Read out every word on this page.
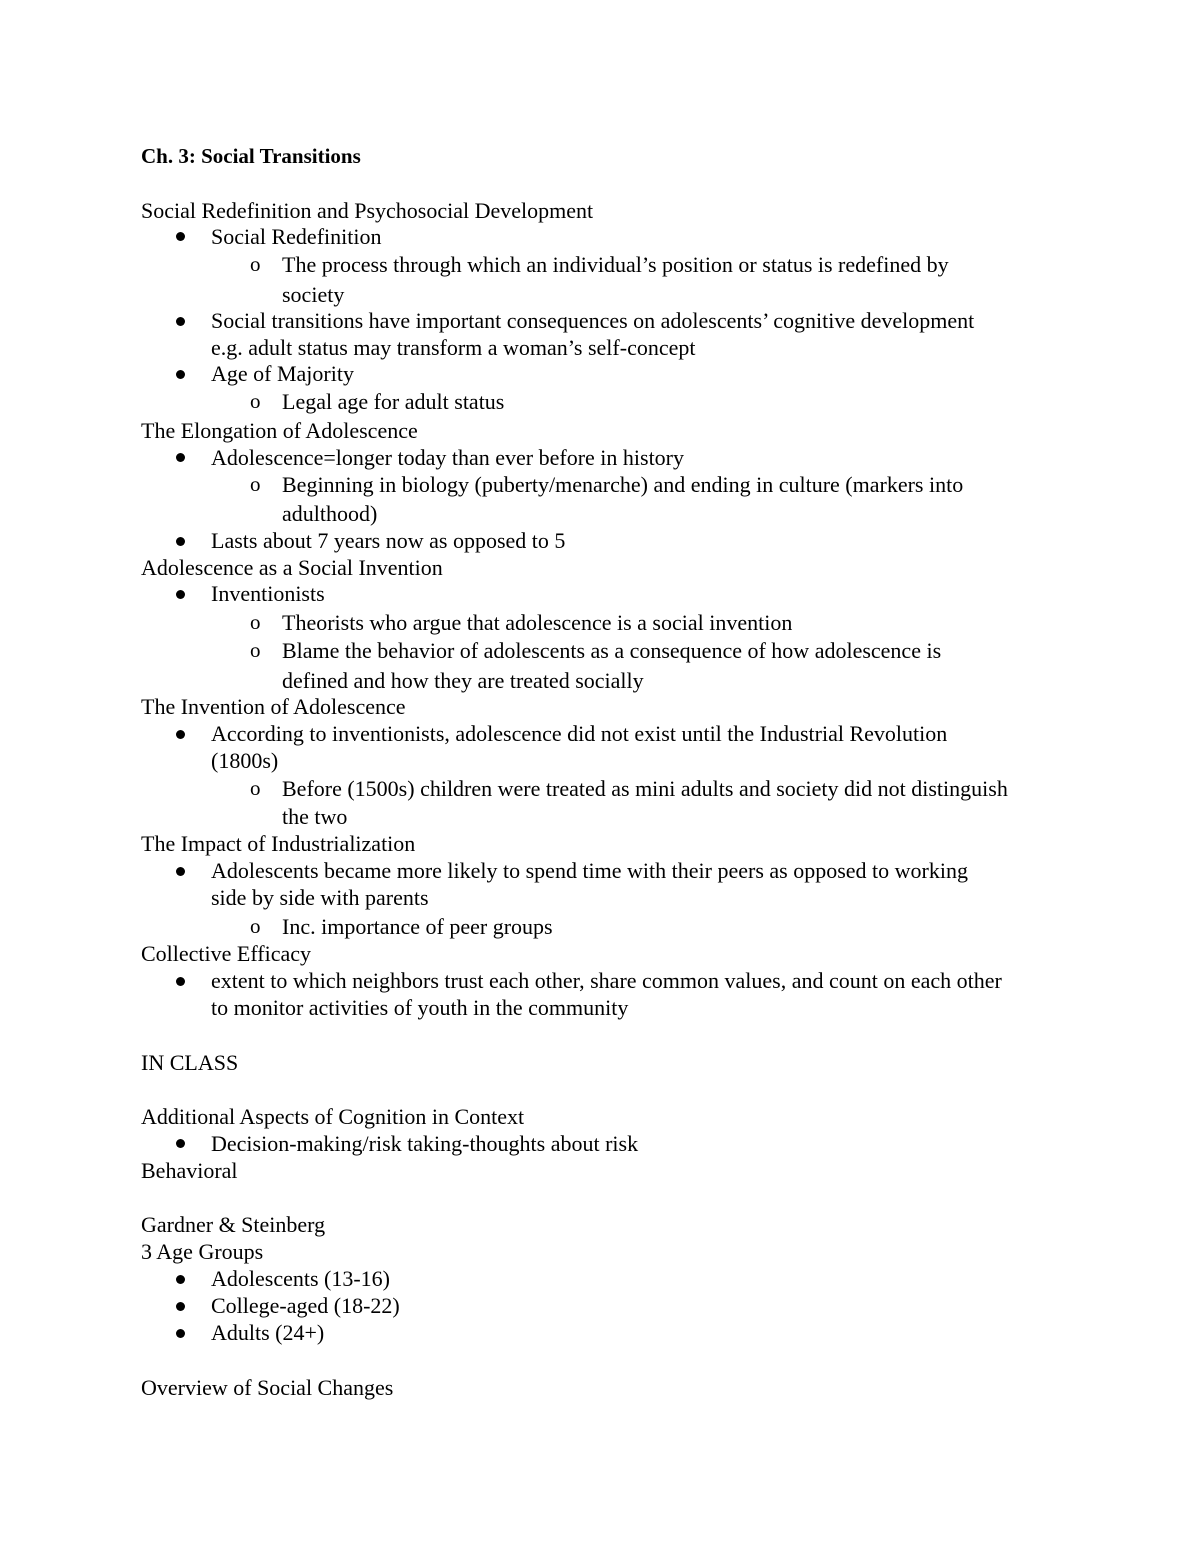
Ch. 3: Social Transitions
Social Redefinition and Psychosocial Development
Social Redefinition
o The process through which an individual’s position or status is redefined by
society
Social transitions have important consequences on adolescents’ cognitive development
e.g. adult status may transform a woman’s self-concept
Age of Majority
o Legal age for adult status
The Elongation of Adolescence
Adolescence=longer today than ever before in history
o Beginning in biology (puberty/menarche) and ending in culture (markers into
adulthood)
Lasts about 7 years now as opposed to 5
Adolescence as a Social Invention
Inventionists
o Theorists who argue that adolescence is a social invention
o Blame the behavior of adolescents as a consequence of how adolescence is
defined and how they are treated socially
The Invention of Adolescence
According to inventionists, adolescence did not exist until the Industrial Revolution
(1800s)
o Before (1500s) children were treated as mini adults and society did not distinguish
the two
The Impact of Industrialization
Adolescents became more likely to spend time with their peers as opposed to working
side by side with parents
o Inc. importance of peer groups
Collective Efficacy
extent to which neighbors trust each other, share common values, and count on each other
to monitor activities of youth in the community
IN CLASS
Additional Aspects of Cognition in Context
Decision-making/risk taking-thoughts about risk
Behavioral
Gardner & Steinberg
3 Age Groups
Adolescents (13-16)
College-aged (18-22)
Adults (24+)
Overview of Social Changes
